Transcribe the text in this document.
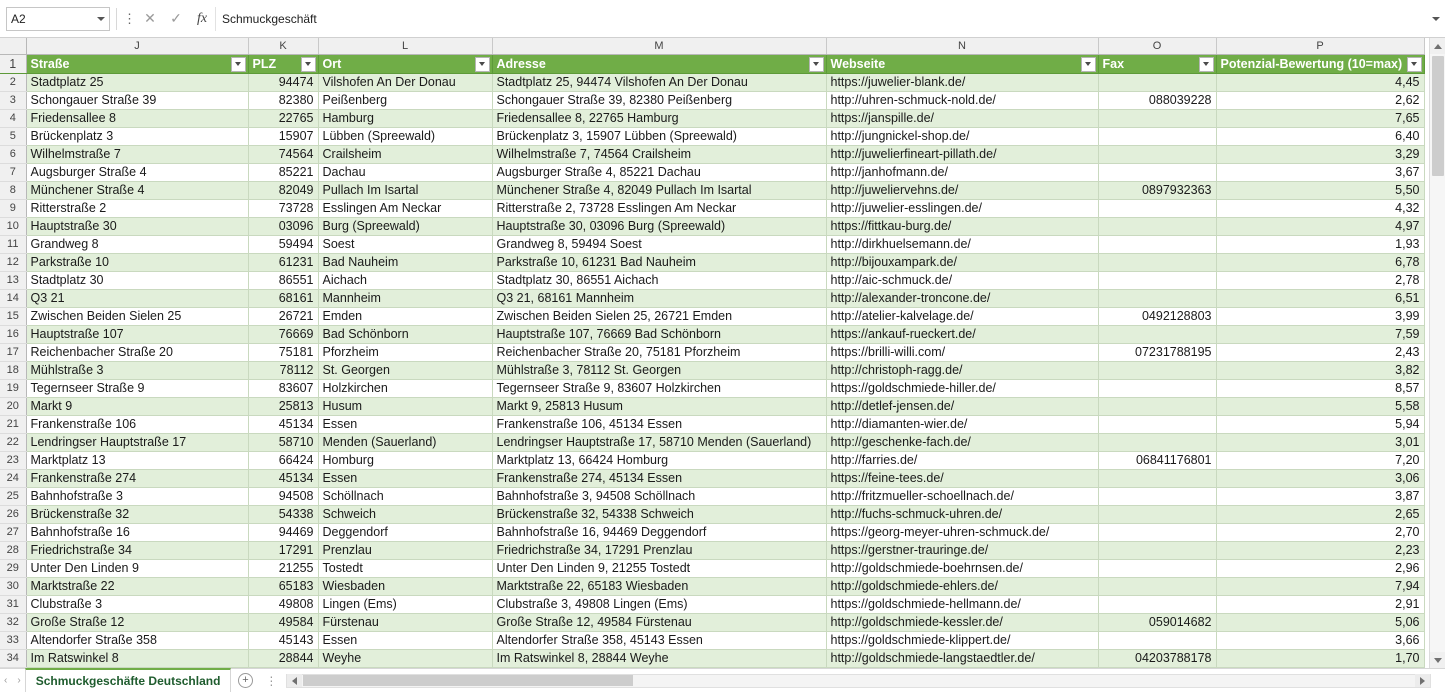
A2	⋮ ✕	✓	fx	Schmuckgeschäft
	J	K	L	M	N	O	P
1	Straße	PLZ	Ort	Adresse	Webseite	Fax	Potenzial-Bewertung (10=max)

2	Stadtplatz 25	94474	Vilshofen An Der Donau	Stadtplatz 25, 94474 Vilshofen An Der Donau	https://juwelier-blank.de/		4,45
3	Schongauer Straße 39	82380	Peißenberg	Schongauer Straße 39, 82380 Peißenberg	http://uhren-schmuck-nold.de/	088039228	2,62
4	Friedensallee 8	22765	Hamburg	Friedensallee 8, 22765 Hamburg	https://janspille.de/		7,65
5	Brückenplatz 3	15907	Lübben (Spreewald)	Brückenplatz 3, 15907 Lübben (Spreewald)	http://jungnickel-shop.de/		6,40
6	Wilhelmstraße 7	74564	Crailsheim	Wilhelmstraße 7, 74564 Crailsheim	http://juwelierfineart-pillath.de/		3,29
7	Augsburger Straße 4	85221	Dachau	Augsburger Straße 4, 85221 Dachau	http://janhofmann.de/		3,67
8	Münchener Straße 4	82049	Pullach Im Isartal	Münchener Straße 4, 82049 Pullach Im Isartal	http://juweliervehns.de/	0897932363	5,50
9	Ritterstraße 2	73728	Esslingen Am Neckar	Ritterstraße 2, 73728 Esslingen Am Neckar	http://juwelier-esslingen.de/		4,32
10	Hauptstraße 30	03096	Burg (Spreewald)	Hauptstraße 30, 03096 Burg (Spreewald)	https://fittkau-burg.de/		4,97
11	Grandweg 8	59494	Soest	Grandweg 8, 59494 Soest	http://dirkhuelsemann.de/		1,93
12	Parkstraße 10	61231	Bad Nauheim	Parkstraße 10, 61231 Bad Nauheim	http://bijouxampark.de/		6,78
13	Stadtplatz 30	86551	Aichach	Stadtplatz 30, 86551 Aichach	http://aic-schmuck.de/		2,78
14	Q3 21	68161	Mannheim	Q3 21, 68161 Mannheim	http://alexander-troncone.de/		6,51
15	Zwischen Beiden Sielen 25	26721	Emden	Zwischen Beiden Sielen 25, 26721 Emden	http://atelier-kalvelage.de/	0492128803	3,99
16	Hauptstraße 107	76669	Bad Schönborn	Hauptstraße 107, 76669 Bad Schönborn	https://ankauf-rueckert.de/		7,59
17	Reichenbacher Straße 20	75181	Pforzheim	Reichenbacher Straße 20, 75181 Pforzheim	https://brilli-willi.com/	07231788195	2,43
18	Mühlstraße 3	78112	St. Georgen	Mühlstraße 3, 78112 St. Georgen	http://christoph-ragg.de/		3,82
19	Tegernseer Straße 9	83607	Holzkirchen	Tegernseer Straße 9, 83607 Holzkirchen	https://goldschmiede-hiller.de/		8,57
20	Markt 9	25813	Husum	Markt 9, 25813 Husum	http://detlef-jensen.de/		5,58
21	Frankenstraße 106	45134	Essen	Frankenstraße 106, 45134 Essen	http://diamanten-wier.de/		5,94
22	Lendringser Hauptstraße 17	58710	Menden (Sauerland)	Lendringser Hauptstraße 17, 58710 Menden (Sauerland)	http://geschenke-fach.de/		3,01
23	Marktplatz 13	66424	Homburg	Marktplatz 13, 66424 Homburg	http://farries.de/	06841176801	7,20
24	Frankenstraße 274	45134	Essen	Frankenstraße 274, 45134 Essen	https://feine-tees.de/		3,06
25	Bahnhofstraße 3	94508	Schöllnach	Bahnhofstraße 3, 94508 Schöllnach	http://fritzmueller-schoellnach.de/		3,87
26	Brückenstraße 32	54338	Schweich	Brückenstraße 32, 54338 Schweich	http://fuchs-schmuck-uhren.de/		2,65
27	Bahnhofstraße 16	94469	Deggendorf	Bahnhofstraße 16, 94469 Deggendorf	https://georg-meyer-uhren-schmuck.de/		2,70
28	Friedrichstraße 34	17291	Prenzlau	Friedrichstraße 34, 17291 Prenzlau	https://gerstner-trauringe.de/		2,23
29	Unter Den Linden 9	21255	Tostedt	Unter Den Linden 9, 21255 Tostedt	http://goldschmiede-boehrnsen.de/		2,96
30	Marktstraße 22	65183	Wiesbaden	Marktstraße 22, 65183 Wiesbaden	http://goldschmiede-ehlers.de/		7,94
31	Clubstraße 3	49808	Lingen (Ems)	Clubstraße 3, 49808 Lingen (Ems)	https://goldschmiede-hellmann.de/		2,91
32	Große Straße 12	49584	Fürstenau	Große Straße 12, 49584 Fürstenau	http://goldschmiede-kessler.de/	059014682	5,06
33	Altendorfer Straße 358	45143	Essen	Altendorfer Straße 358, 45143 Essen	https://goldschmiede-klippert.de/		3,66
34	Im Ratswinkel 8	28844	Weyhe	Im Ratswinkel 8, 28844 Weyhe	http://goldschmiede-langstaedtler.de/	04203788178	1,70
‹ ›	Schmuckgeschäfte Deutschland	+	⋮
